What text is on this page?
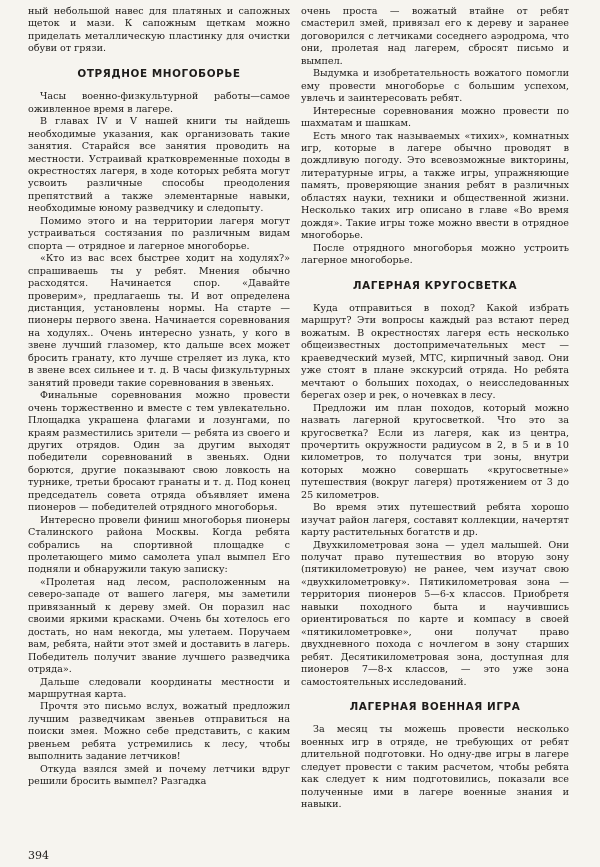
ный небольшой навес для платяных и сапожных щеток и мази. К сапожным щеткам можно приделать металлическую пластинку для очистки обуви от грязи.

ОТРЯДНОЕ МНОГОБОРЬЕ

Часы военно-физкультурной работы—самое оживленное время в лагере.

В главах IV и V нашей книги ты найдешь необходимые указания, как организовать такие занятия. Старайся все занятия проводить на местности. Устраивай кратковременные походы в окрестностях лагеря, в ходе которых ребята могут усвоить различные способы преодоления препятствий а также элементарные навыки, необходимые юному разведчику и следопыту.

Помимо этого и на территории лагеря могут устраиваться состязания по различным видам спорта — отрядное и лагерное многоборье.

«Кто из вас всех быстрее ходит на ходулях?» спрашиваешь ты у ребят. Мнения обычно расходятся. Начинается спор. «Давайте проверим», предлагаешь ты. И вот определена дистанция, установлены нормы. На старте — пионеры первого звена. Начинается соревнования на ходулях.. Очень интересно узнать, у кого в звене лучший глазомер, кто дальше всех может бросить гранату, кто лучше стреляет из лука, кто в звене всех сильнее и т. д. В часы физкультурных занятий проведи такие соревнования в звеньях.

Финальные соревнования можно провести очень торжественно и вместе с тем увлекательно. Площадка украшена флагами и лозунгами, по краям разместились зрители — ребята из своего и других отрядов. Один за другим выходят победители соревнований в звеньях. Одни борются, другие показывают свою ловкость на турнике, третьи бросают гранаты и т. д. Под конец председатель совета отряда объявляет имена пионеров — победителей отрядного многоборья.

Интересно провели финиш многоборья пионеры Сталинского района Москвы. Когда ребята собрались на спортивной площадке с пролетающего мимо самолета упал вымпел Его подняли и обнаружили такую записку:

«Пролетая над лесом, расположенным на северо-западе от вашего лагеря, мы заметили привязанный к дереву змей. Он поразил нас своими яркими красками. Очень бы хотелось его достать, но нам некогда, мы улетаем. Поручаем вам, ребята, найти этот змей и доставить в лагерь. Победитель получит звание лучшего разведчика отряда».

Дальше следовали координаты местности и маршрутная карта.

Прочтя это письмо вслух, вожатый предложил лучшим разведчикам звеньев отправиться на поиски змея. Можно себе представить, с каким рвеньем ребята устремились к лесу, чтобы выполнить задание летчиков!

Откуда взялся змей и почему летчики вдруг решили бросить вымпел? Разгадка

очень проста — вожатый втайне от ребят смастерил змей, привязал его к дереву и заранее договорился с летчиками соседнего аэродрома, что они, пролетая над лагерем, сбросят письмо и вымпел.

Выдумка и изобретательность вожатого помогли ему провести многоборье с большим успехом, увлечь и заинтересовать ребят.

Интересные соревнования можно провести по шахматам и шашкам.

Есть много так называемых «тихих», комнатных игр, которые в лагере обычно проводят в дождливую погоду. Это всевозможные викторины, литературные игры, а также игры, упражняющие память, проверяющие знания ребят в различных областях науки, техники и общественной жизни. Несколько таких игр описано в главе «Во время дождя». Такие игры тоже можно ввести в отрядное многоборье.

После отрядного многоборья можно устроить лагерное многоборье.

ЛАГЕРНАЯ КРУГОСВЕТКА

Куда отправиться в поход? Какой избрать маршрут? Эти вопросы каждый раз встают перед вожатым. В окрестностях лагеря есть несколько общеизвестных достопримечательных мест — краеведческий музей, МТС, кирпичный завод. Они уже стоят в плане экскурсий отряда. Но ребята мечтают о больших походах, о неисследованных берегах озер и рек, о ночевках в лесу.

Предложи им план походов, который можно назвать лагерной кругосветкой. Что это за кругосветка? Если из лагеря, как из центра, прочертить окружности радиусом в 2, в 5 и в 10 километров, то получатся три зоны, внутри которых можно совершать «кругосветные» путешествия (вокруг лагеря) протяжением от 3 до 25 километров.

Во время этих путешествий ребята хорошо изучат район лагеря, составят коллекции, начертят карту растительных богатств и др.

Двухкилометровая зона — удел малышей. Они получат право путешествия во вторую зону (пятикилометровую) не ранее, чем изучат свою «двухкилометровку». Пятикилометровая зона — территория пионеров 5—6-х классов. Приобретя навыки походного быта и научившись ориентироваться по карте и компасу в своей «пятикилометровке», они получат право двухдневного похода с ночлегом в зону старших ребят. Десятикилометровая зона, доступная для пионеров 7—8-х классов, — это уже зона самостоятельных исследований.

ЛАГЕРНАЯ ВОЕННАЯ ИГРА

За месяц ты можешь провести несколько военных игр в отряде, не требующих от ребят длительной подготовки. Но одну-две игры в лагере следует провести с таким расчетом, чтобы ребята как следует к ним подготовились, показали все полученные ими в лагере военные знания и навыки.

394
